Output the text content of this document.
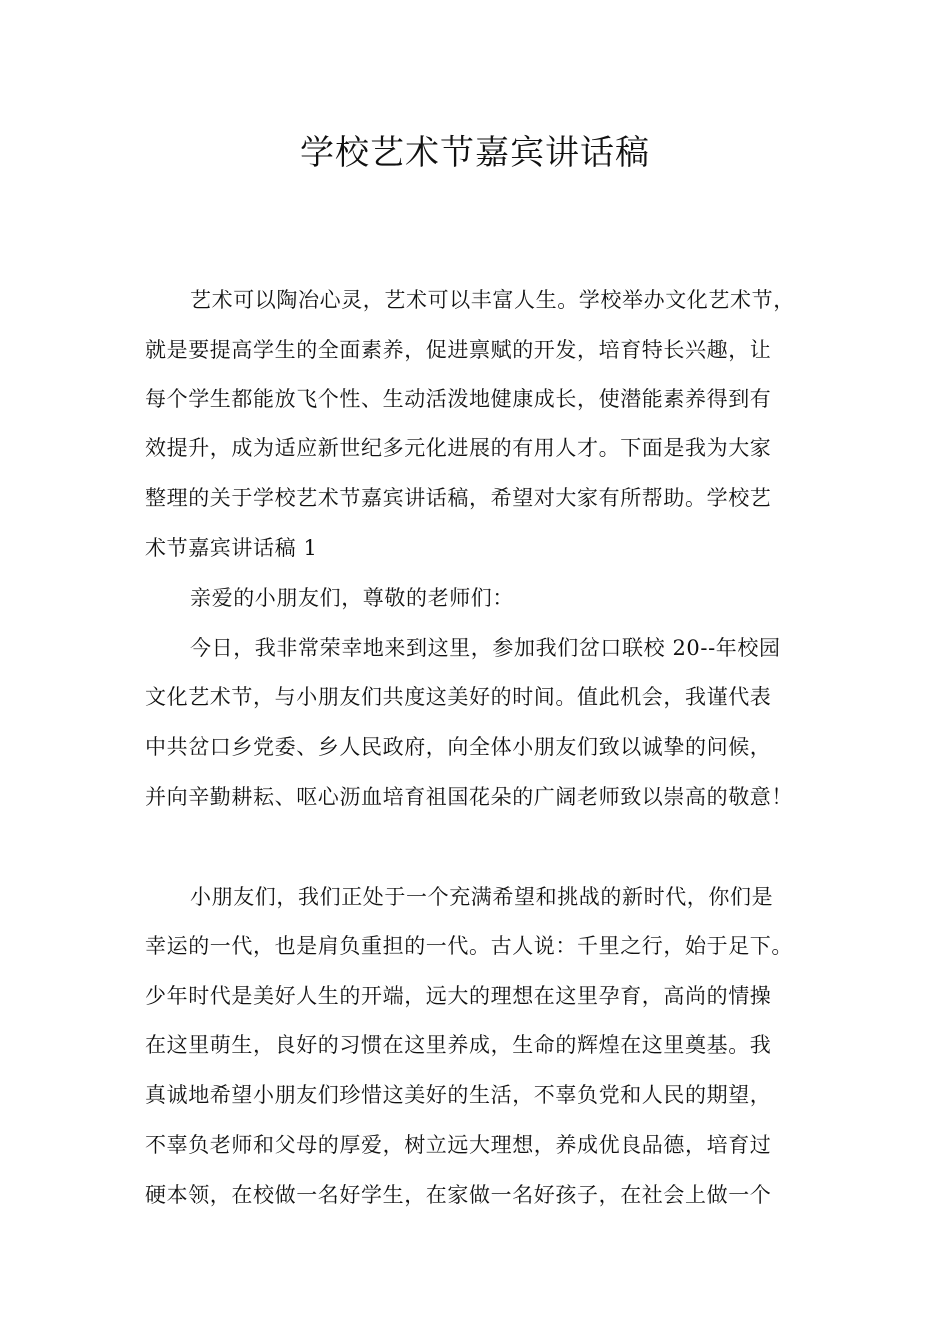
学校艺术节嘉宾讲话稿
艺术可以陶冶心灵，艺术可以丰富人生。学校举办文化艺术节，
就是要提高学生的全面素养，促进禀赋的开发，培育特长兴趣，让
每个学生都能放飞个性、生动活泼地健康成长，使潜能素养得到有
效提升，成为适应新世纪多元化进展的有用人才。下面是我为大家
整理的关于学校艺术节嘉宾讲话稿，希望对大家有所帮助。学校艺
术节嘉宾讲话稿 1
亲爱的小朋友们，尊敬的老师们：
今日，我非常荣幸地来到这里，参加我们岔口联校 20--年校园
文化艺术节，与小朋友们共度这美好的时间。值此机会，我谨代表
中共岔口乡党委、乡人民政府，向全体小朋友们致以诚挚的问候，
并向辛勤耕耘、呕心沥血培育祖国花朵的广阔老师致以崇高的敬意！
小朋友们，我们正处于一个充满希望和挑战的新时代，你们是
幸运的一代，也是肩负重担的一代。古人说：千里之行，始于足下。
少年时代是美好人生的开端，远大的理想在这里孕育，高尚的情操
在这里萌生，良好的习惯在这里养成，生命的辉煌在这里奠基。我
真诚地希望小朋友们珍惜这美好的生活，不辜负党和人民的期望，
不辜负老师和父母的厚爱，树立远大理想，养成优良品德，培育过
硬本领，在校做一名好学生，在家做一名好孩子，在社会上做一个
